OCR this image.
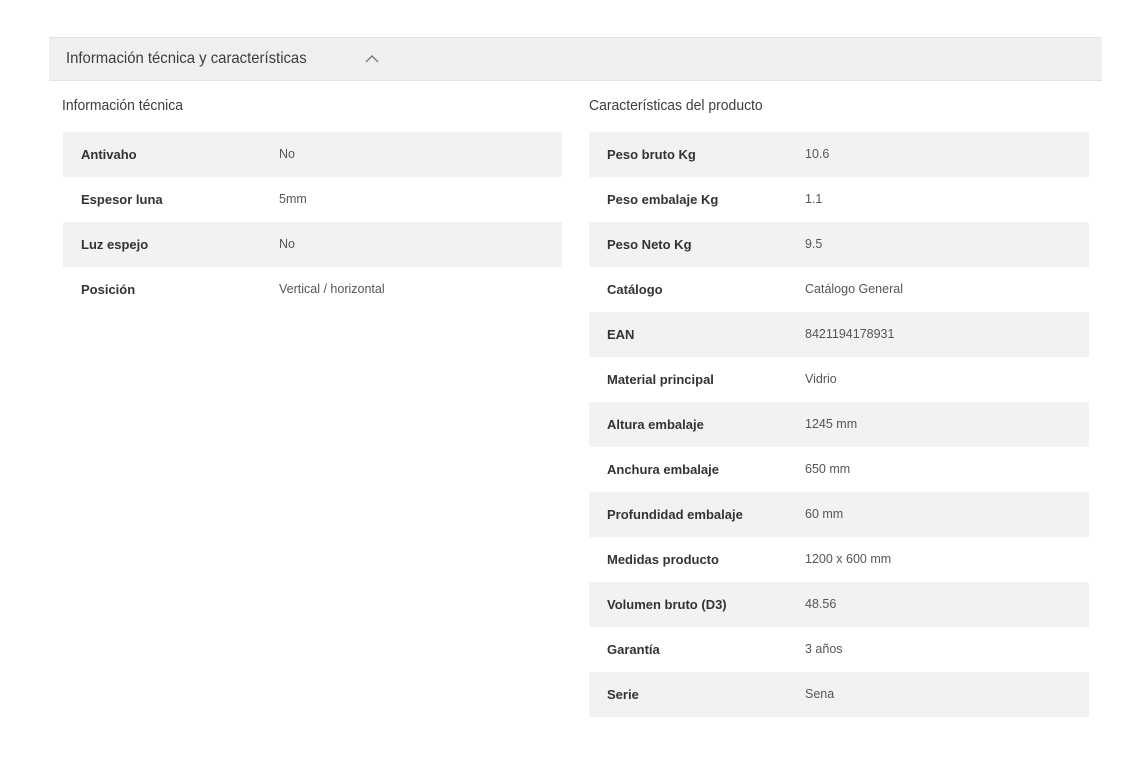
Información técnica y características
Información técnica	Características del producto
Antivaho	No
Espesor luna	5mm
Luz espejo	No
Posición	Vertical / horizontal
Peso bruto Kg	10.6
Peso embalaje Kg	1.1
Peso Neto Kg	9.5
Catálogo	Catálogo General
EAN	8421194178931
Material principal	Vidrio
Altura embalaje	1245 mm
Anchura embalaje	650 mm
Profundidad embalaje	60 mm
Medidas producto	1200 x 600 mm
Volumen bruto (D3)	48.56
Garantía	3 años
Serie	Sena
